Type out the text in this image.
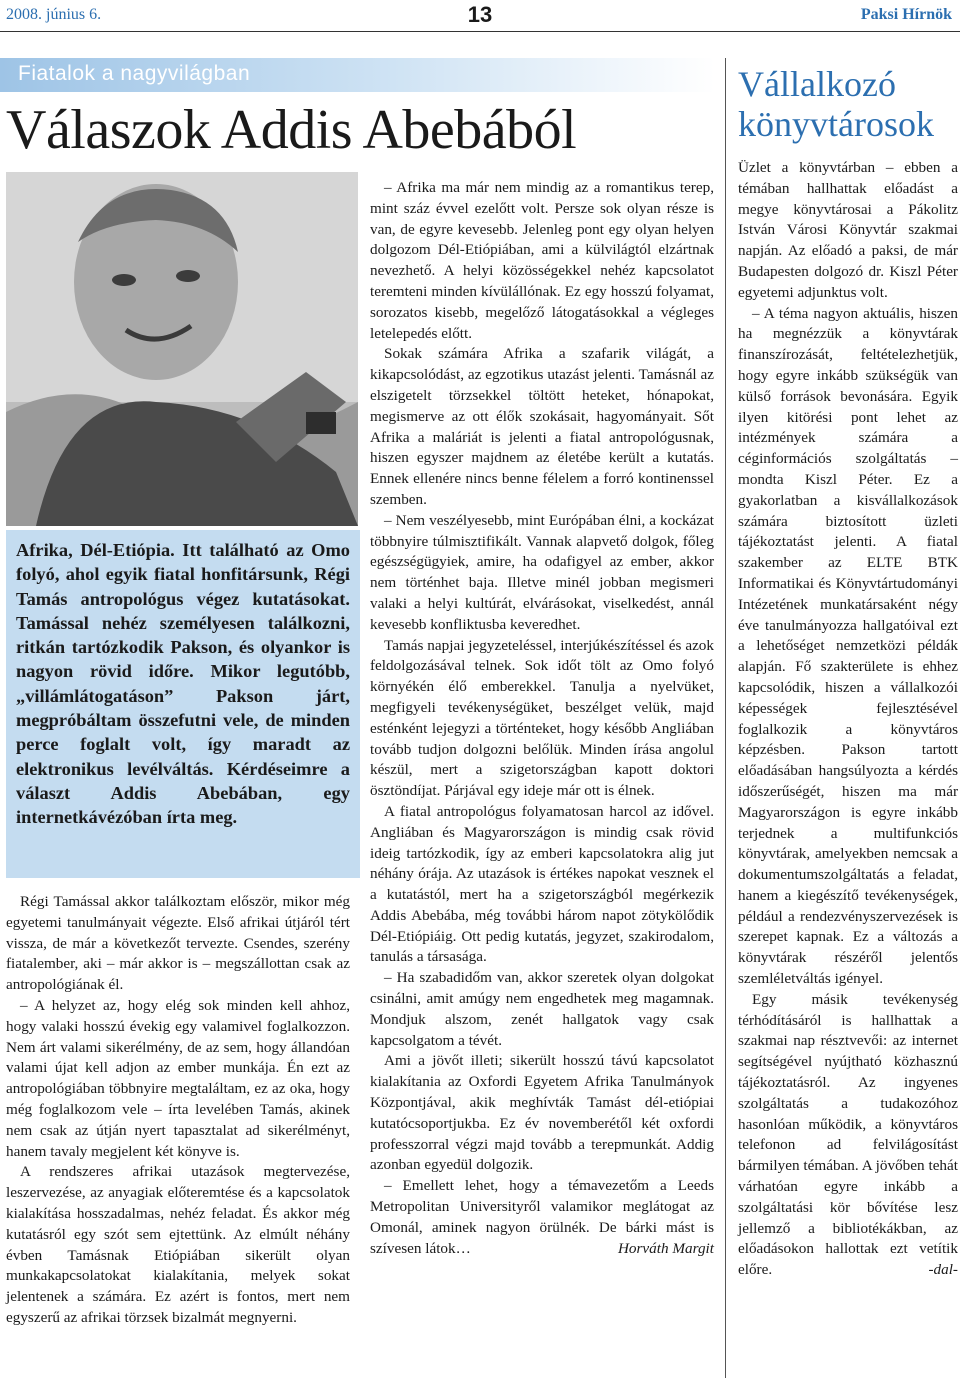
2008. június 6.	13	Paksi Hírnök
Fiatalok a nagyvilágban
Válaszok Addis Abebából
Afrika, Dél-Etiópia. Itt található az Omo folyó, ahol egyik fiatal honfitársunk, Régi Tamás antropológus végez kutatásokat. Tamással nehéz személyesen találkozni, ritkán tartózkodik Pakson, és olyankor is nagyon rövid időre. Mikor legutóbb, „villámlátogatáson” Pakson járt, megpróbáltam összefutni vele, de minden perce foglalt volt, így maradt az elektronikus levélváltás. Kérdéseimre a választ Addis Abebában, egy internetkávézóban írta meg.

Régi Tamással akkor találkoztam először, mikor még egyetemi tanulmányait végezte. Első afrikai útjáról tért vissza, de már a következőt tervezte. Csendes, szerény fiatalember, aki – már akkor is – megszállottan csak az antropológiának él.

– A helyzet az, hogy elég sok minden kell ahhoz, hogy valaki hosszú évekig egy valamivel foglalkozzon. Nem árt valami sikerélmény, de az sem, hogy állandóan valami újat kell adjon az ember munkája. Én ezt az antropológiában többnyire megtaláltam, ez az oka, hogy még foglalkozom vele – írta levelében Tamás, akinek nem csak az útján nyert tapasztalat ad sikerélményt, hanem tavaly megjelent két könyve is.

A rendszeres afrikai utazások megtervezése, leszervezése, az anyagiak előteremtése és a kapcsolatok kialakítása hosszadalmas, nehéz feladat. És akkor még kutatásról egy szót sem ejtettünk. Az elmúlt néhány évben Tamásnak Etiópiában sikerült olyan munkakapcsolatokat kialakítania, melyek sokat jelentenek a számára. Ez azért is fontos, mert nem egyszerű az afrikai törzsek bizalmát megnyerni.

– Afrika ma már nem mindig az a romantikus terep, mint száz évvel ezelőtt volt. Persze sok olyan része is van, de egyre kevesebb. Jelenleg pont egy olyan helyen dolgozom Dél-Etiópiában, ami a külvilágtól elzártnak nevezhető. A helyi közösségekkel nehéz kapcsolatot teremteni minden kívülállónak. Ez egy hosszú folyamat, sorozatos kisebb, megelőző látogatásokkal a végleges letelepedés előtt.

Sokak számára Afrika a szafarik világát, a kikapcsolódást, az egzotikus utazást jelenti. Tamásnál az elszigetelt törzsekkel töltött heteket, hónapokat, megismerve az ott élők szokásait, hagyományait. Sőt Afrika a maláriát is jelenti a fiatal antropológusnak, hiszen egyszer majdnem az életébe került a kutatás. Ennek ellenére nincs benne félelem a forró kontinenssel szemben.

– Nem veszélyesebb, mint Európában élni, a kockázat többnyire túlmisztifikált. Vannak alapvető dolgok, főleg egészségügyiek, amire, ha odafigyel az ember, akkor nem történhet baja. Illetve minél jobban megismeri valaki a helyi kultúrát, elvárásokat, viselkedést, annál kevesebb konfliktusba keveredhet.

Tamás napjai jegyzeteléssel, interjúkészítéssel és azok feldolgozásával telnek. Sok időt tölt az Omo folyó környékén élő emberekkel. Tanulja a nyelvüket, megfigyeli tevékenységüket, beszélget velük, majd esténként lejegyzi a történteket, hogy később Angliában tovább tudjon dolgozni belőlük. Minden írása angolul készül, mert a szigetországban kapott doktori ösztöndíjat. Párjával egy ideje már ott is élnek.

A fiatal antropológus folyamatosan harcol az idővel. Angliában és Magyarországon is mindig csak rövid ideig tartózkodik, így az emberi kapcsolatokra alig jut néhány órája. Az utazások is értékes napokat vesznek el a kutatástól, mert ha a szigetországból megérkezik Addis Abebába, még további három napot zötykölődik Dél-Etiópiáig. Ott pedig kutatás, jegyzet, szakirodalom, tanulás a társasága.

– Ha szabadidőm van, akkor szeretek olyan dolgokat csinálni, amit amúgy nem engedhetek meg magamnak. Mondjuk alszom, zenét hallgatok vagy csak kapcsolgatom a tévét.

Ami a jövőt illeti; sikerült hosszú távú kapcsolatot kialakítania az Oxfordi Egyetem Afrika Tanulmányok Központjával, akik meghívták Tamást dél-etiópiai kutatócsoportjukba. Ez év novemberétől két oxfordi professzorral végzi majd tovább a terepmunkát. Addig azonban egyedül dolgozik.

– Emellett lehet, hogy a témavezetőm a Leeds Metropolitan Universityről valamikor meglátogat az Omonál, aminek nagyon örülnék. De bárki mást is szívesen látok…	Horváth Margit

Vállalkozó könyvtárosok

Üzlet a könyvtárban – ebben a témában hallhattak előadást a megye könyvtárosai a Pákolitz István Városi Könyvtár szakmai napján. Az előadó a paksi, de már Budapesten dolgozó dr. Kiszl Péter egyetemi adjunktus volt.

– A téma nagyon aktuális, hiszen ha megnézzük a könyvtárak finanszírozását, feltételezhetjük, hogy egyre inkább szükségük van külső források bevonására. Egyik ilyen kitörési pont lehet az intézmények számára a céginformációs szolgáltatás – mondta Kiszl Péter. Ez a gyakorlatban a kisvállalkozások számára biztosított üzleti tájékoztatást jelenti. A fiatal szakember az ELTE BTK Informatikai és Könyvtártudományi Intézetének munkatársaként négy éve tanulmányozza hallgatóival ezt a lehetőséget nemzetközi példák alapján. Fő szakterülete is ehhez kapcsolódik, hiszen a vállalkozói képességek fejlesztésével foglalkozik a könyvtáros képzésben. Pakson tartott előadásában hangsúlyozta a kérdés időszerűségét, hiszen ma már Magyarországon is egyre inkább terjednek a multifunkciós könyvtárak, amelyekben nemcsak a dokumentumszolgáltatás a feladat, hanem a kiegészítő tevékenységek, például a rendezvényszervezések is szerepet kapnak. Ez a változás a könyvtárak részéről jelentős szemléletváltás igényel.

Egy másik tevékenység térhódításáról is hallhattak a szakmai nap résztvevői: az internet segítségével nyújtható közhasznú tájékoztatásról. Az ingyenes szolgáltatás a tudakozóhoz hasonlóan működik, a könyvtáros telefonon ad felvilágosítást bármilyen témában. A jövőben tehát várhatóan egyre inkább a szolgáltatási kör bővítése lesz jellemző a bibliotékákban, az előadásokon hallottak ezt vetítik előre.	-dal-
